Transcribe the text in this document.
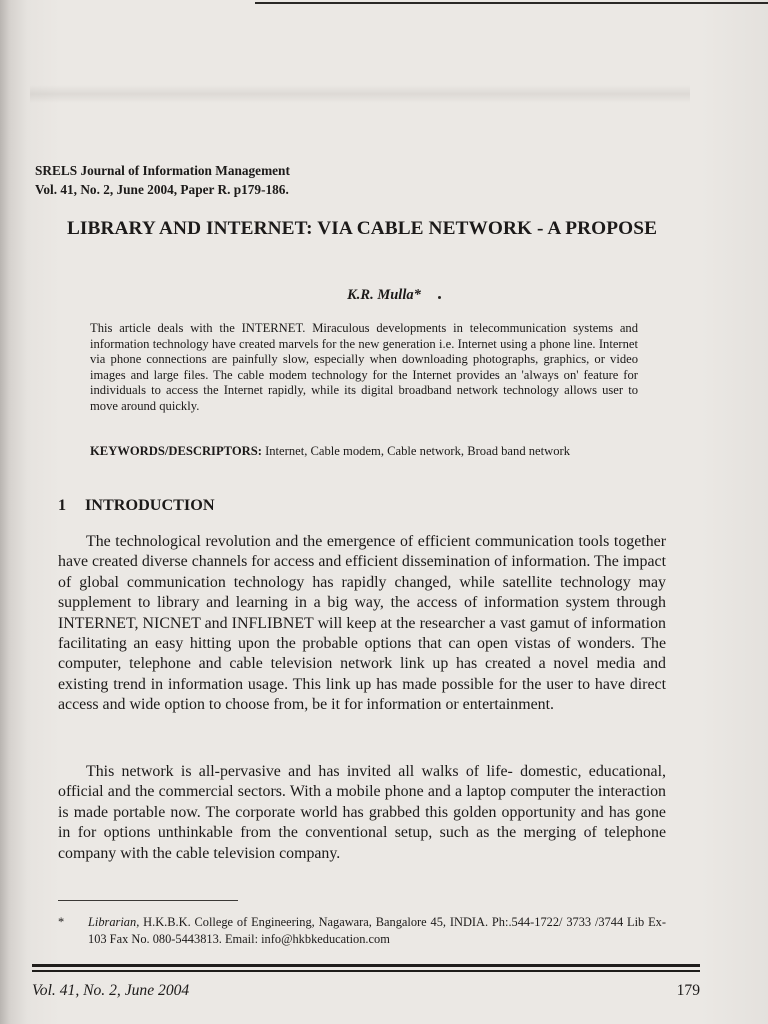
SRELS Journal of Information Management
Vol. 41, No. 2, June 2004, Paper R. p179-186.
LIBRARY AND INTERNET: VIA CABLE NETWORK - A PROPOSE
K.R. Mulla*
This article deals with the INTERNET. Miraculous developments in telecommunication systems and information technology have created marvels for the new generation i.e. Internet using a phone line. Internet via phone connections are painfully slow, especially when downloading photographs, graphics, or video images and large files. The cable modem technology for the Internet provides an 'always on' feature for individuals to access the Internet rapidly, while its digital broadband network technology allows user to move around quickly.
KEYWORDS/DESCRIPTORS: Internet, Cable modem, Cable network, Broad band network
1 INTRODUCTION

The technological revolution and the emergence of efficient communication tools together have created diverse channels for access and efficient dissemination of information. The impact of global communication technology has rapidly changed, while satellite technology may supplement to library and learning in a big way, the access of information system through INTERNET, NICNET and INFLIBNET will keep at the researcher a vast gamut of information facilitating an easy hitting upon the probable options that can open vistas of wonders. The computer, telephone and cable television network link up has created a novel media and existing trend in information usage. This link up has made possible for the user to have direct access and wide option to choose from, be it for information or entertainment.

This network is all-pervasive and has invited all walks of life- domestic, educational, official and the commercial sectors. With a mobile phone and a laptop computer the interaction is made portable now. The corporate world has grabbed this golden opportunity and has gone in for options unthinkable from the conventional setup, such as the merging of telephone company with the cable television company.

* Librarian, H.K.B.K. College of Engineering, Nagawara, Bangalore 45, INDIA. Ph:.544-1722/ 3733 /3744 Lib Ex-103 Fax No. 080-5443813. Email: info@hkbkeducation.com
Vol. 41, No. 2, June 2004	179
